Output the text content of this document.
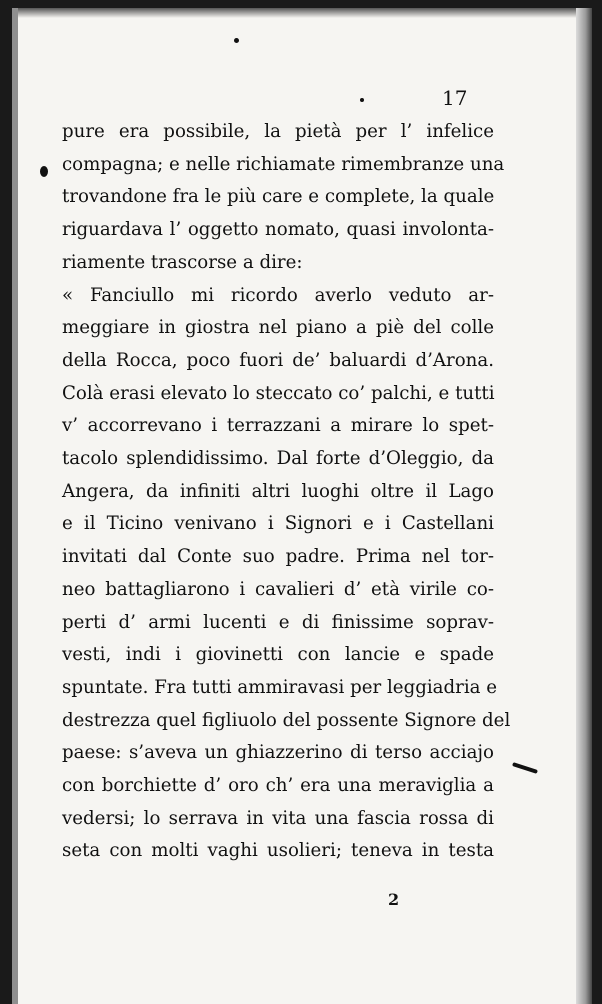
17
pure era possibile, la pietà per l’ infelice
compagna; e nelle richiamate rimembranze una
trovandone fra le più care e complete, la quale
riguardava l’ oggetto nomato, quasi involonta-
riamente trascorse a dire:
« Fanciullo mi ricordo averlo veduto ar-
meggiare in giostra nel piano a piè del colle
della Rocca, poco fuori de’ baluardi d’Arona.
Colà erasi elevato lo steccato co’ palchi, e tutti
v’ accorrevano i terrazzani a mirare lo spet-
tacolo splendidissimo. Dal forte d’Oleggio, da
Angera, da infiniti altri luoghi oltre il Lago
e il Ticino venivano i Signori e i Castellani
invitati dal Conte suo padre. Prima nel tor-
neo battagliarono i cavalieri d’ età virile co-
perti d’ armi lucenti e di finissime soprav-
vesti, indi i giovinetti con lancie e spade
spuntate. Fra tutti ammiravasi per leggiadria e
destrezza quel figliuolo del possente Signore del
paese: s’aveva un ghiazzerino di terso acciajo
con borchiette d’ oro ch’ era una meraviglia a
vedersi; lo serrava in vita una fascia rossa di
seta con molti vaghi usolieri; teneva in testa
2
